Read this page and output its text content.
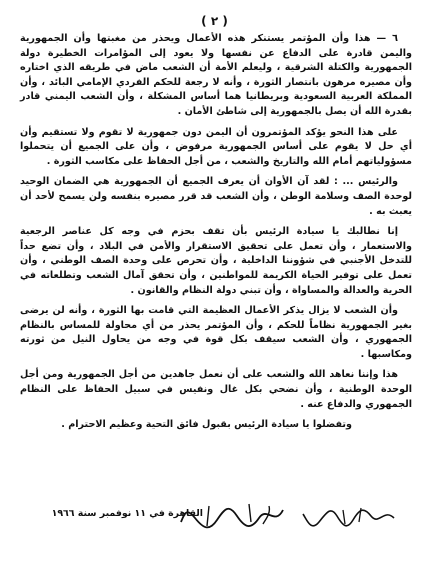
( ٢ )

٦ — هذا وأن المؤتمر يستنكر هذه الأعمال ويحذر من مغبتها وأن الجمهورية واليمن قادرة على الدفاع عن نفسها ولا يعود إلى المؤامرات الخطيرة دولة الجمهورية والكتلة الشرقية ، وليعلم الأمة أن الشعب ماض في طريقه الذي اختاره وأن مصيره مرهون بانتصار الثورة ، وأنه لا رجعة للحكم الفردي الإمامي البائد ، وأن المملكة العربية السعودية وبريطانيا هما أساس المشكلة ، وأن الشعب اليمني قادر بقدرة الله أن يصل بالجمهورية إلى شاطئ الأمان .

على هذا النحو يؤكد المؤتمرون أن اليمن دون جمهورية لا تقوم ولا تستقيم وأن أي حل لا يقوم على أساس الجمهورية مرفوض ، وأن على الجميع أن يتحملوا مسؤولياتهم أمام الله والتاريخ والشعب ، من أجل الحفاظ على مكاسب الثورة .

والرئيس ... : لقد آن الأوان أن يعرف الجميع أن الجمهورية هي الضمان الوحيد لوحدة الصف وسلامة الوطن ، وأن الشعب قد قرر مصيره بنفسه ولن يسمح لأحد أن يعبث به .

إنا نطالبك يا سيادة الرئيس بأن تقف بحزم في وجه كل عناصر الرجعية والاستعمار ، وأن تعمل على تحقيق الاستقرار والأمن في البلاد ، وأن تضع حداً للتدخل الأجنبي في شؤوننا الداخلية ، وأن تحرص على وحدة الصف الوطني ، وأن تعمل على توفير الحياة الكريمة للمواطنين ، وأن تحقق آمال الشعب وتطلعاته في الحرية والعدالة والمساواة ، وأن تبني دولة النظام والقانون .

وأن الشعب لا يزال يذكر الأعمال العظيمة التي قامت بها الثورة ، وأنه لن يرضى بغير الجمهورية نظاماً للحكم ، وأن المؤتمر يحذر من أي محاولة للمساس بالنظام الجمهوري ، وأن الشعب سيقف بكل قوة في وجه من يحاول النيل من ثورته ومكاسبها .

هذا وإننا نعاهد الله والشعب على أن نعمل جاهدين من أجل الجمهورية ومن أجل الوحدة الوطنية ، وأن نضحي بكل غال ونفيس في سبيل الحفاظ على النظام الجمهوري والدفاع عنه .

وتفضلوا يا سيادة الرئيس بقبول فائق التحية وعظيم الاحترام .

القاهرة في ١١ نوفمبر سنة ١٩٦٦
